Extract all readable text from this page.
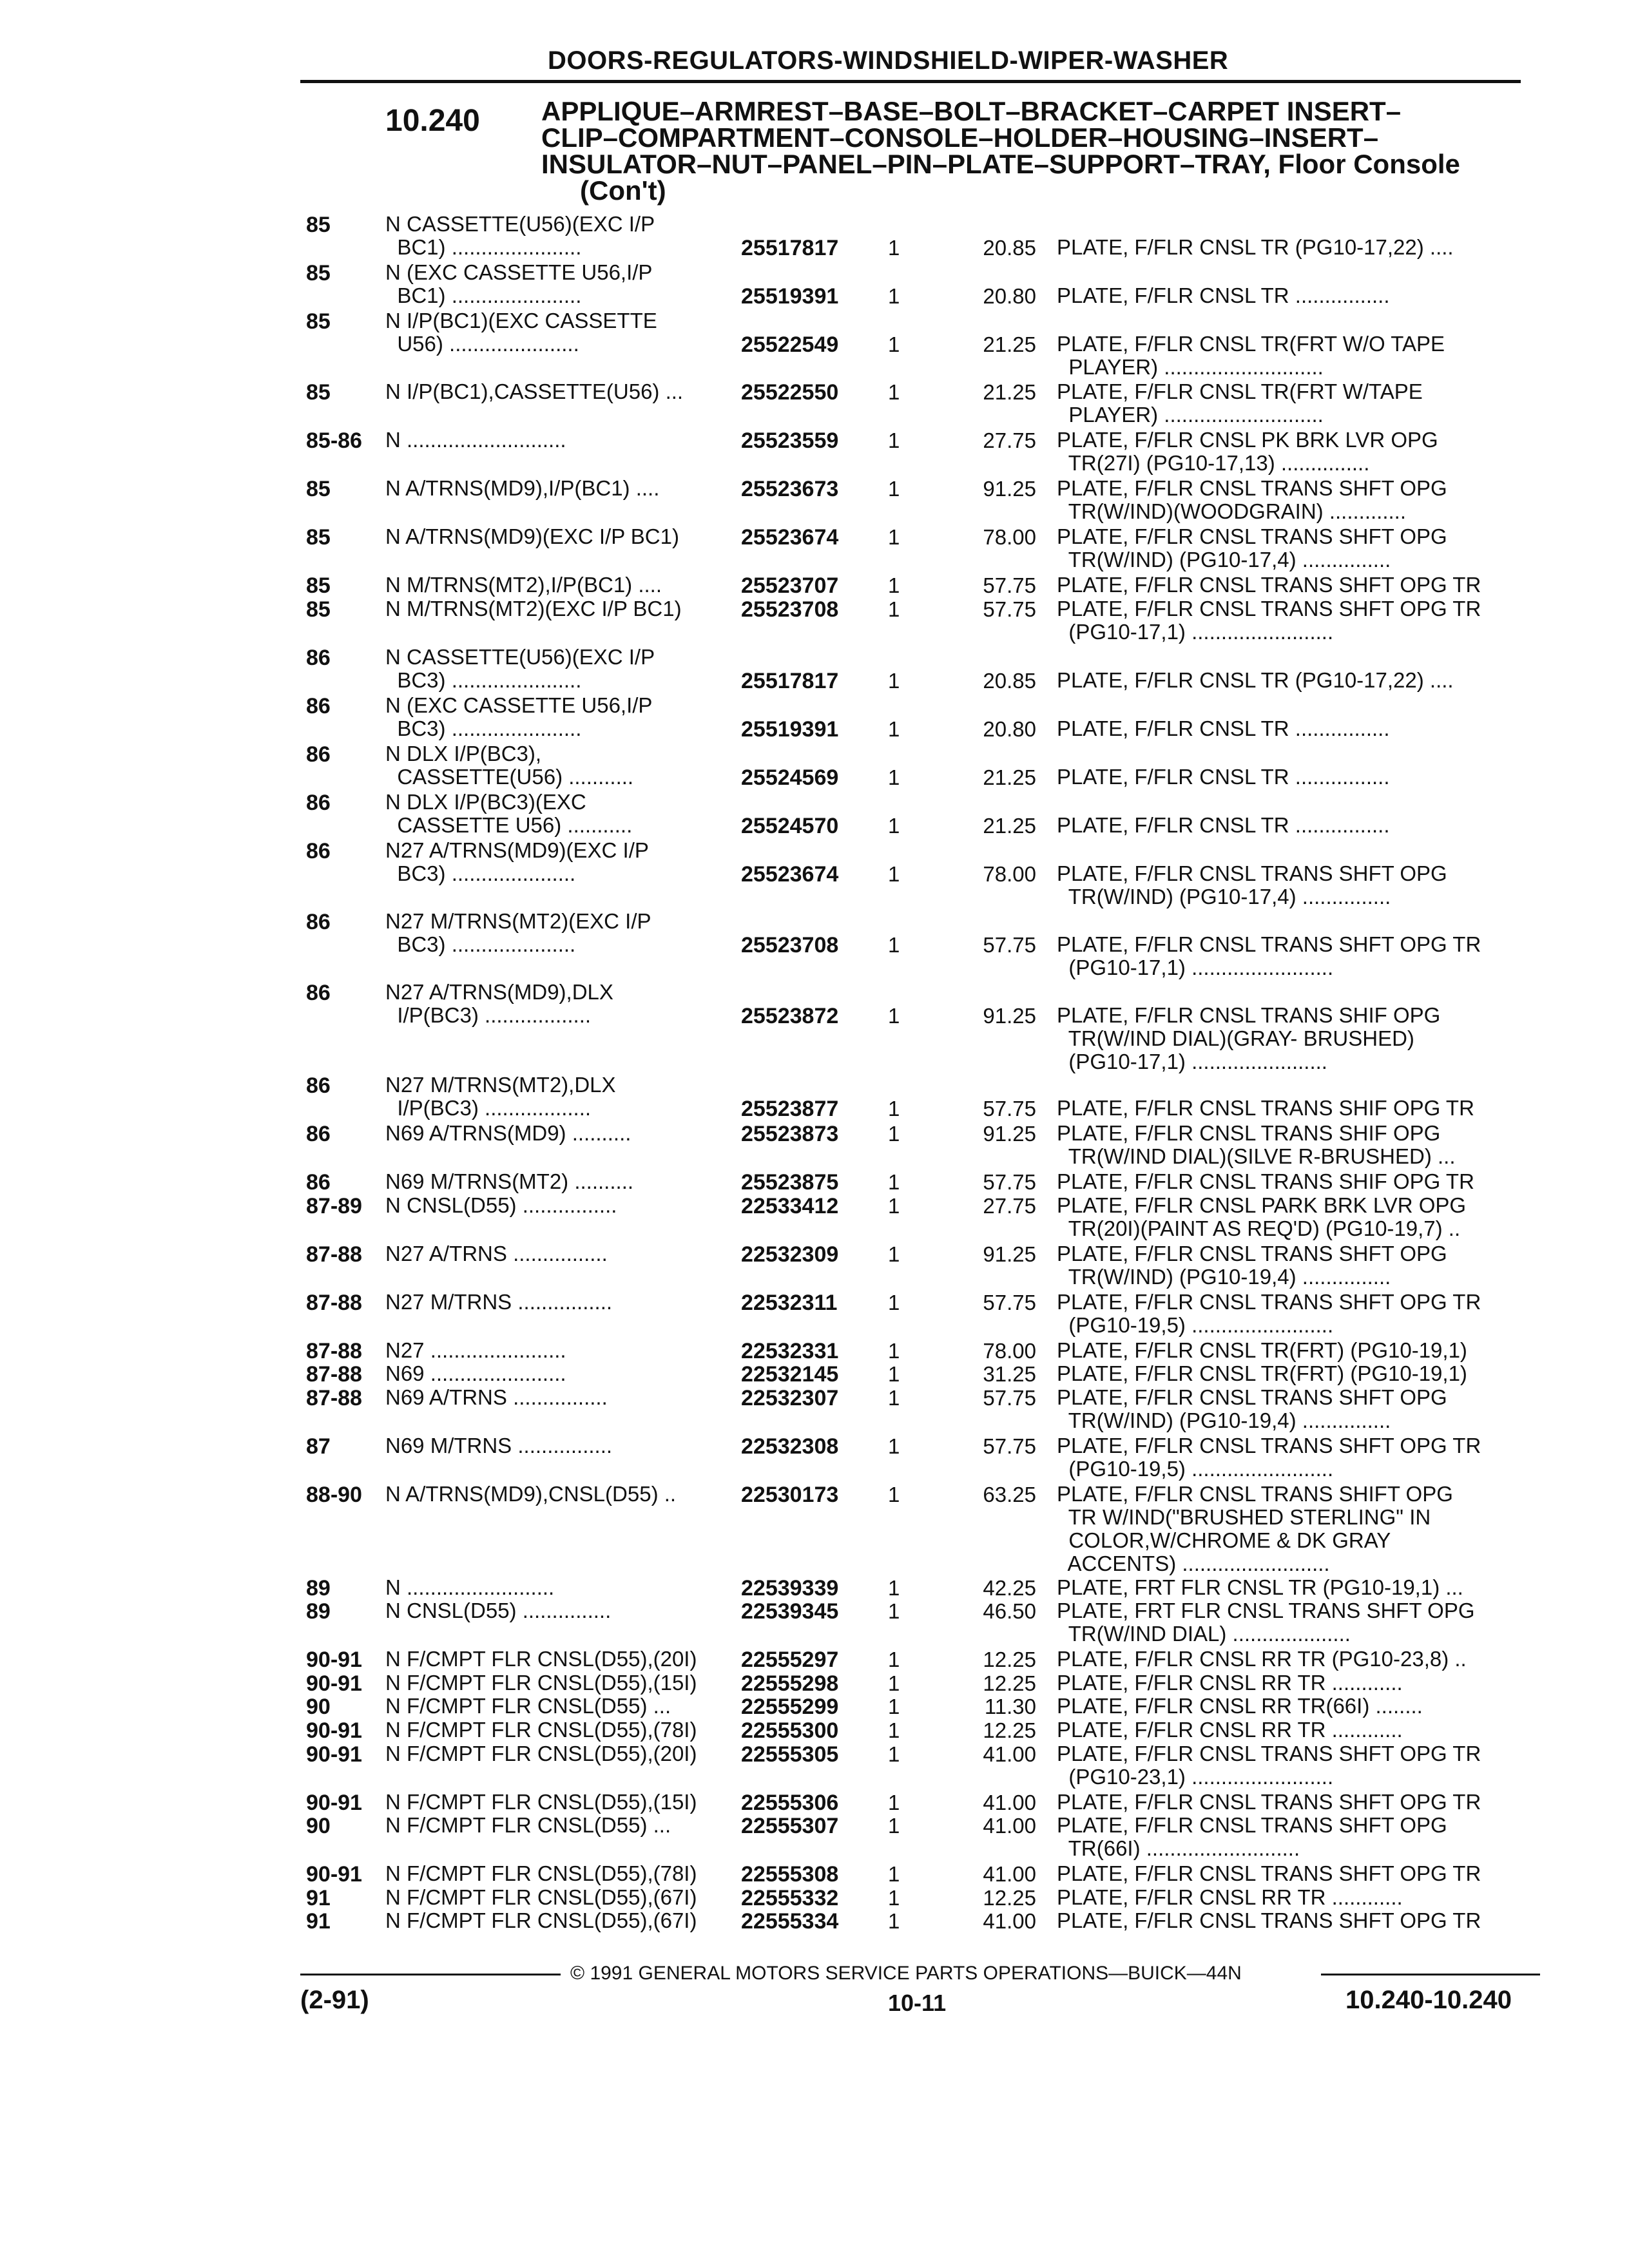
DOORS-REGULATORS-WINDSHIELD-WIPER-WASHER
10.240 APPLIQUE–ARMREST–BASE–BOLT–BRACKET–CARPET INSERT–
CLIP–COMPARTMENT–CONSOLE–HOLDER–HOUSING–INSERT–
INSULATOR–NUT–PANEL–PIN–PLATE–SUPPORT–TRAY, Floor Console
(Con't)
85	N CASSETTE(U56)(EXC I/P
BC1) ......................	25517817 1	20.85 PLATE, F/FLR CNSL TR (PG10-17,22) ....
85	N (EXC CASSETTE U56,I/P
BC1) ......................	25519391 1	20.80 PLATE, F/FLR CNSL TR ................
85	N I/P(BC1)(EXC CASSETTE
U56) ......................	25522549 1	21.25 PLATE, F/FLR CNSL TR(FRT W/O TAPE
PLAYER) ...........................
85	N I/P(BC1),CASSETTE(U56) ...	25522550 1	21.25 PLATE, F/FLR CNSL TR(FRT W/TAPE
PLAYER) ...........................
85-86 N ...........................	25523559 1	27.75 PLATE, F/FLR CNSL PK BRK LVR OPG
TR(27I) (PG10-17,13) ...............
85	N A/TRNS(MD9),I/P(BC1) ....	25523673 1	91.25 PLATE, F/FLR CNSL TRANS SHFT OPG
TR(W/IND)(WOODGRAIN) .............
85	N A/TRNS(MD9)(EXC I/P BC1)	25523674 1	78.00 PLATE, F/FLR CNSL TRANS SHFT OPG
TR(W/IND) (PG10-17,4) ...............
85	N M/TRNS(MT2),I/P(BC1) ....	25523707 1	57.75 PLATE, F/FLR CNSL TRANS SHFT OPG TR
85	N M/TRNS(MT2)(EXC I/P BC1)	25523708 1	57.75 PLATE, F/FLR CNSL TRANS SHFT OPG TR
(PG10-17,1) ........................
86	N CASSETTE(U56)(EXC I/P
BC3) ......................	25517817 1	20.85 PLATE, F/FLR CNSL TR (PG10-17,22) ....
86	N (EXC CASSETTE U56,I/P
BC3) ......................	25519391 1	20.80 PLATE, F/FLR CNSL TR ................
86	N DLX I/P(BC3),
CASSETTE(U56) ...........	25524569 1	21.25 PLATE, F/FLR CNSL TR ................
86	N DLX I/P(BC3)(EXC
CASSETTE U56) ...........	25524570 1	21.25 PLATE, F/FLR CNSL TR ................
86	N27 A/TRNS(MD9)(EXC I/P
BC3) .....................	25523674 1	78.00 PLATE, F/FLR CNSL TRANS SHFT OPG
TR(W/IND) (PG10-17,4) ...............
86	N27 M/TRNS(MT2)(EXC I/P
BC3) .....................	25523708 1	57.75 PLATE, F/FLR CNSL TRANS SHFT OPG TR
(PG10-17,1) ........................
86	N27 A/TRNS(MD9),DLX
I/P(BC3) ..................	25523872 1	91.25 PLATE, F/FLR CNSL TRANS SHIF OPG
TR(W/IND DIAL)(GRAY- BRUSHED)
(PG10-17,1) .......................
86	N27 M/TRNS(MT2),DLX
I/P(BC3) ..................	25523877 1	57.75 PLATE, F/FLR CNSL TRANS SHIF OPG TR
86	N69 A/TRNS(MD9) ..........	25523873 1	91.25 PLATE, F/FLR CNSL TRANS SHIF OPG
TR(W/IND DIAL)(SILVE R-BRUSHED) ...
86	N69 M/TRNS(MT2) ..........	25523875 1	57.75 PLATE, F/FLR CNSL TRANS SHIF OPG TR
87-89 N CNSL(D55) ................	22533412 1	27.75 PLATE, F/FLR CNSL PARK BRK LVR OPG
TR(20I)(PAINT AS REQ'D) (PG10-19,7) ..
87-88 N27 A/TRNS ................	22532309 1	91.25 PLATE, F/FLR CNSL TRANS SHFT OPG
TR(W/IND) (PG10-19,4) ...............
87-88 N27 M/TRNS ................	22532311 1	57.75 PLATE, F/FLR CNSL TRANS SHFT OPG TR
(PG10-19,5) ........................
87-88 N27 .......................	22532331 1	78.00 PLATE, F/FLR CNSL TR(FRT) (PG10-19,1)
87-88 N69 .......................	22532145 1	31.25 PLATE, F/FLR CNSL TR(FRT) (PG10-19,1)
87-88 N69 A/TRNS ................	22532307 1	57.75 PLATE, F/FLR CNSL TRANS SHFT OPG
TR(W/IND) (PG10-19,4) ...............
87	N69 M/TRNS ................	22532308 1	57.75 PLATE, F/FLR CNSL TRANS SHFT OPG TR
(PG10-19,5) ........................
88-90 N A/TRNS(MD9),CNSL(D55) ..	22530173 1	63.25 PLATE, F/FLR CNSL TRANS SHIFT OPG
TR W/IND("BRUSHED STERLING" IN
COLOR,W/CHROME & DK GRAY
ACCENTS) .........................
89	N .........................	22539339 1	42.25 PLATE, FRT FLR CNSL TR (PG10-19,1) ...
89	N CNSL(D55) ...............	22539345 1	46.50 PLATE, FRT FLR CNSL TRANS SHFT OPG
TR(W/IND DIAL) ....................
90-91 N F/CMPT FLR CNSL(D55),(20I) 22555297 1	12.25 PLATE, F/FLR CNSL RR TR (PG10-23,8) ..
90-91 N F/CMPT FLR CNSL(D55),(15I) 22555298 1	12.25 PLATE, F/FLR CNSL RR TR ............
90	N F/CMPT FLR CNSL(D55) ...	22555299 1	11.30 PLATE, F/FLR CNSL RR TR(66I) ........
90-91 N F/CMPT FLR CNSL(D55),(78I) 22555300 1	12.25 PLATE, F/FLR CNSL RR TR ............
90-91 N F/CMPT FLR CNSL(D55),(20I) 22555305 1	41.00 PLATE, F/FLR CNSL TRANS SHFT OPG TR
(PG10-23,1) ........................
90-91 N F/CMPT FLR CNSL(D55),(15I) 22555306 1	41.00 PLATE, F/FLR CNSL TRANS SHFT OPG TR
90	N F/CMPT FLR CNSL(D55) ...	22555307 1	41.00 PLATE, F/FLR CNSL TRANS SHFT OPG
TR(66I) ..........................
90-91 N F/CMPT FLR CNSL(D55),(78I) 22555308 1	41.00 PLATE, F/FLR CNSL TRANS SHFT OPG TR
91	N F/CMPT FLR CNSL(D55),(67I) 22555332 1	12.25 PLATE, F/FLR CNSL RR TR ............
91	N F/CMPT FLR CNSL(D55),(67I) 22555334 1	41.00 PLATE, F/FLR CNSL TRANS SHFT OPG TR
© 1991 GENERAL MOTORS SERVICE PARTS OPERATIONS—BUICK—44N
(2-91)	10-11	10.240-10.240
